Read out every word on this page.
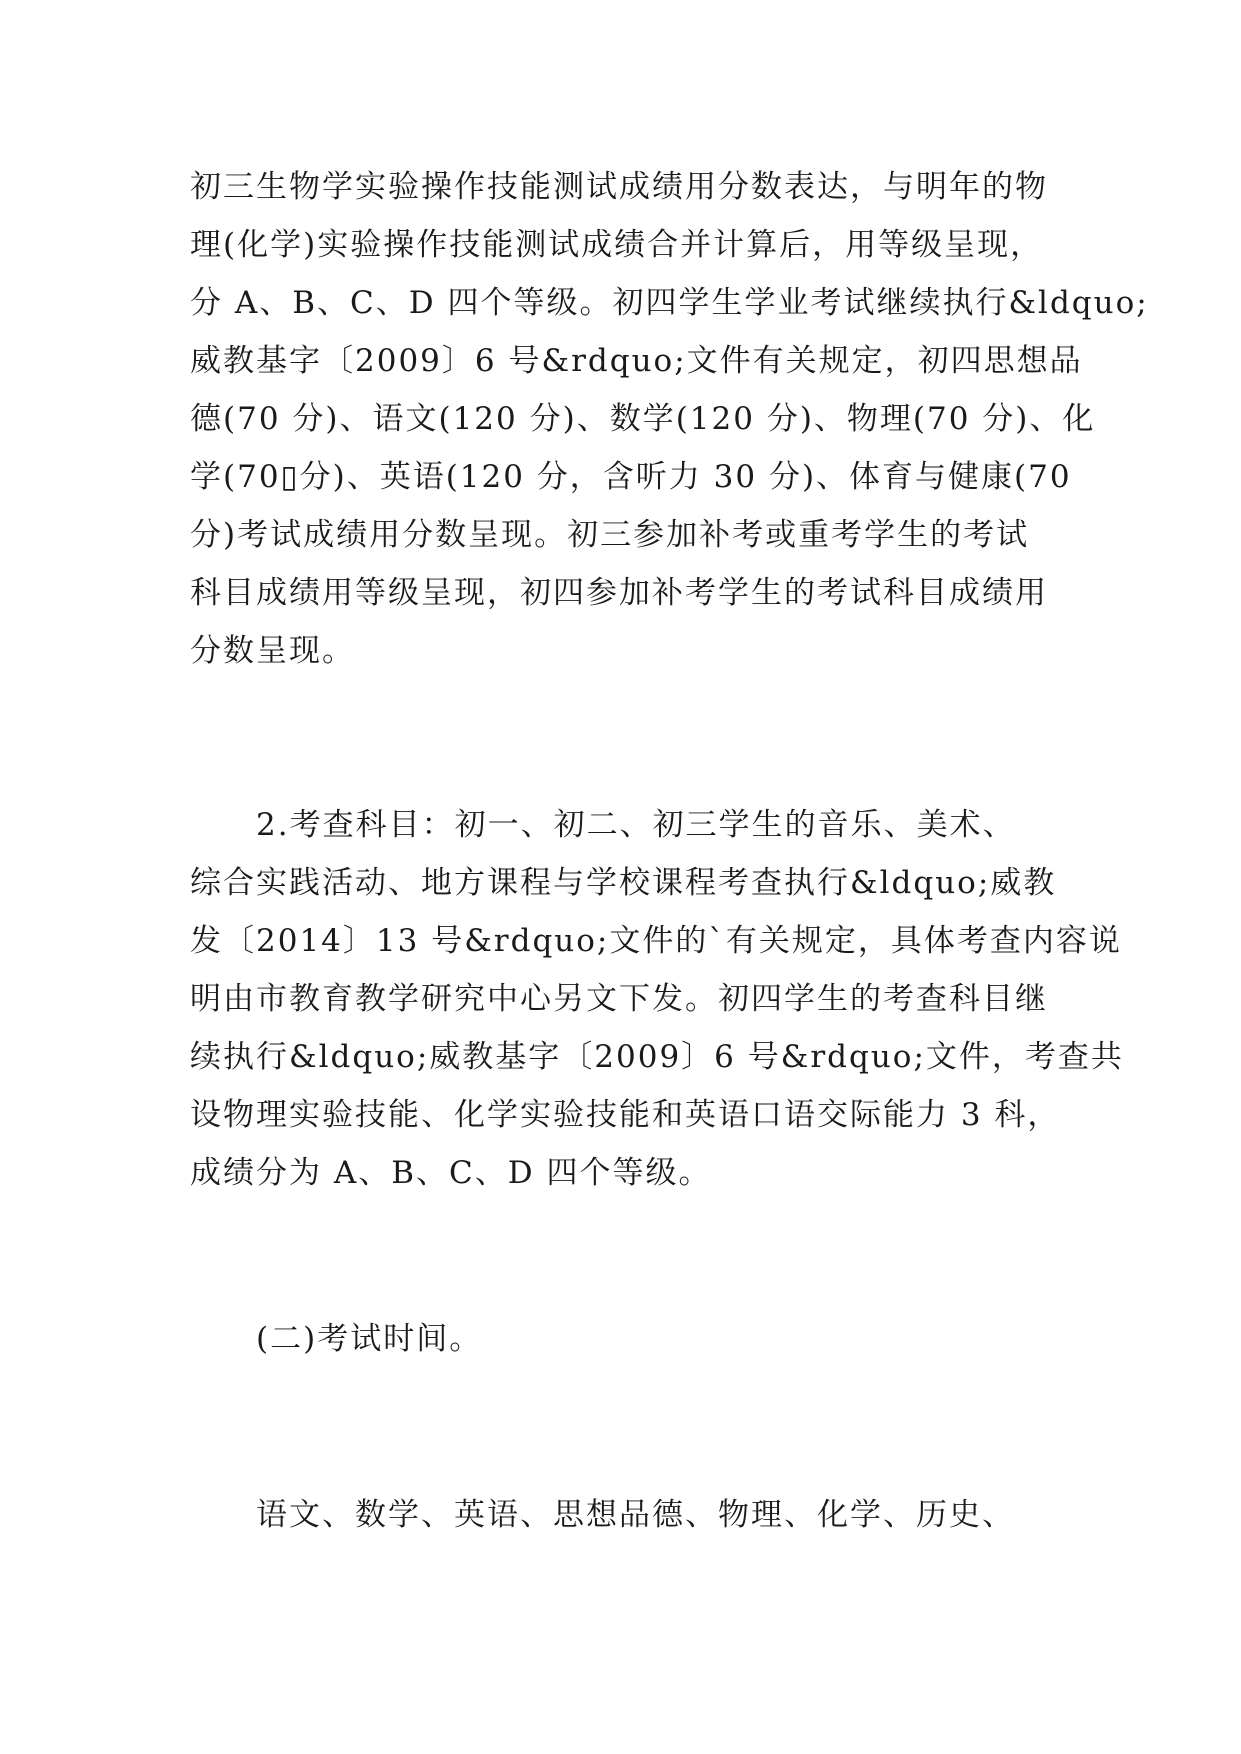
初三生物学实验操作技能测试成绩用分数表达，与明年的物
理(化学)实验操作技能测试成绩合并计算后，用等级呈现，
分 A、B、C、D 四个等级。初四学生学业考试继续执行&ldquo;
威教基字〔2009〕6 号&rdquo;文件有关规定，初四思想品
德(70 分)、语文(120 分)、数学(120 分)、物理(70 分)、化
学(70▯分)、英语(120 分，含听力 30 分)、体育与健康(70
分)考试成绩用分数呈现。初三参加补考或重考学生的考试
科目成绩用等级呈现，初四参加补考学生的考试科目成绩用
分数呈现。
　　2.考查科目：初一、初二、初三学生的音乐、美术、
综合实践活动、地方课程与学校课程考查执行&ldquo;威教
发〔2014〕13 号&rdquo;文件的`有关规定，具体考查内容说
明由市教育教学研究中心另文下发。初四学生的考查科目继
续执行&ldquo;威教基字〔2009〕6 号&rdquo;文件，考查共
设物理实验技能、化学实验技能和英语口语交际能力 3 科，
成绩分为 A、B、C、D 四个等级。
　　(二)考试时间。
　　语文、数学、英语、思想品德、物理、化学、历史、
